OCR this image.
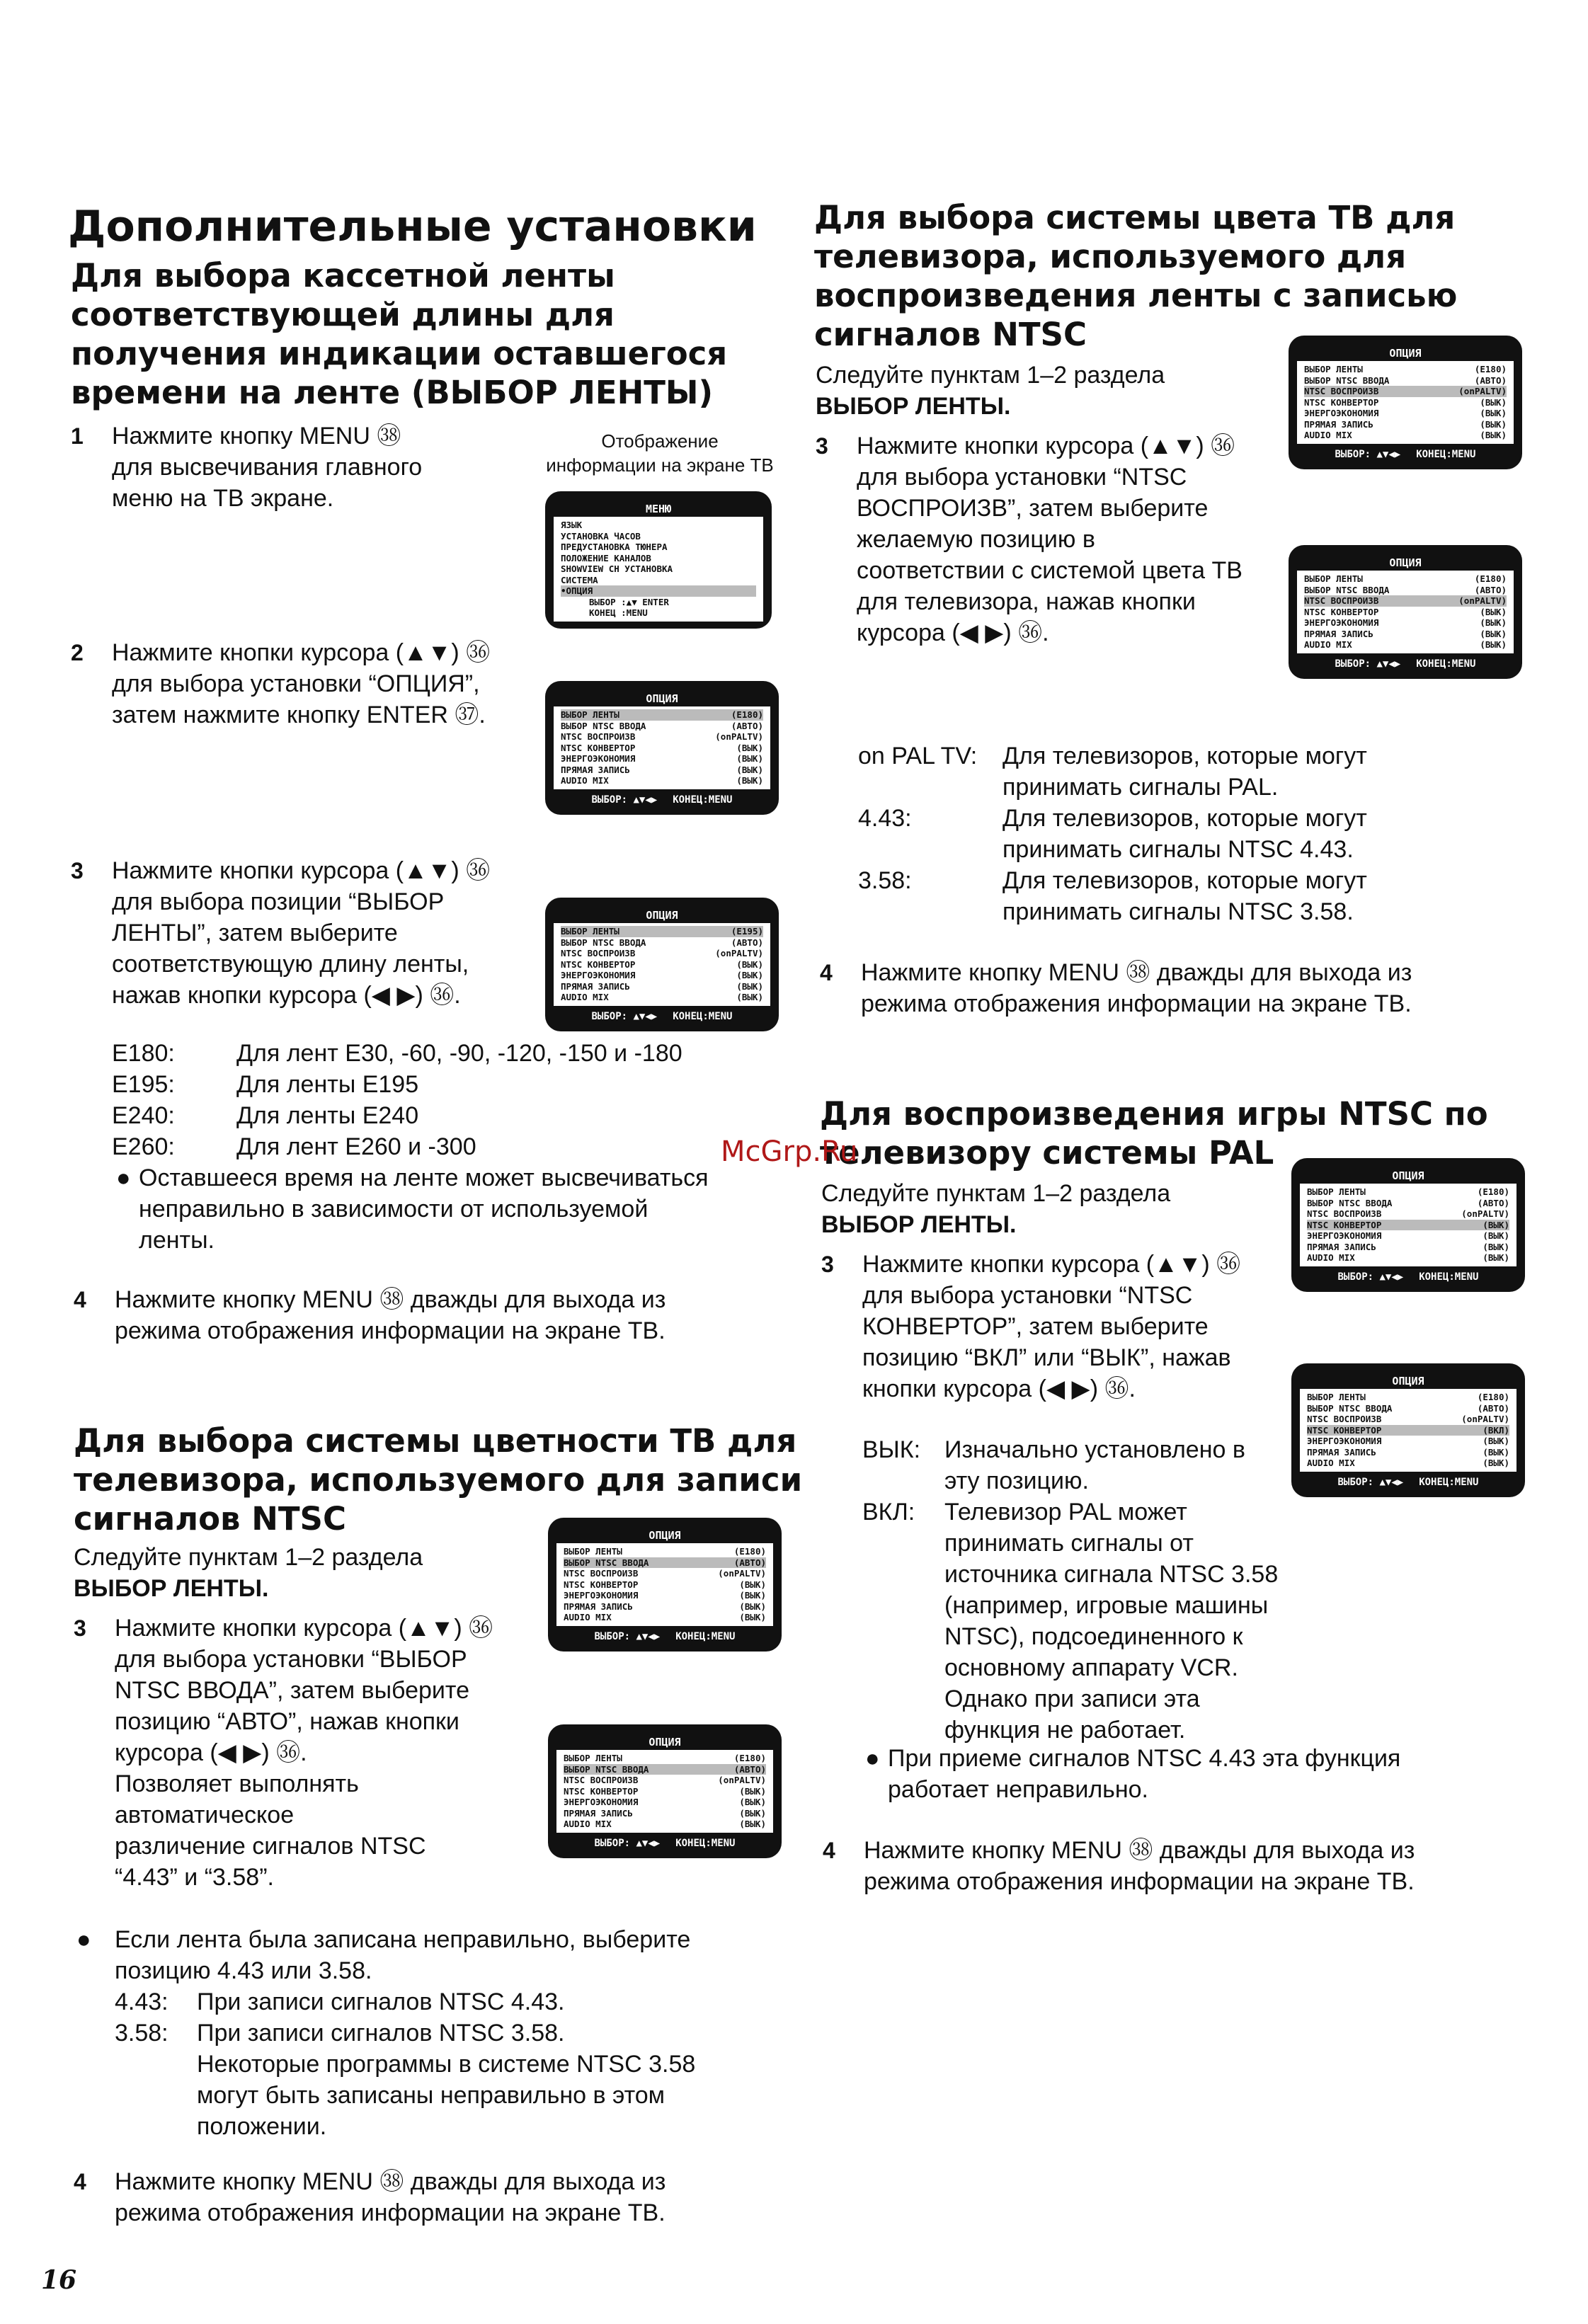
Дополнительные установки
Для выбора кассетной ленты
соответствующей длины для
получения индикации оставшегося
времени на ленте (ВЫБОР ЛЕНТЫ)
Отображение
информации на экране ТВ
1 Нажмите кнопку MENU ㊳
для высвечивания главного
меню на ТВ экране.
2 Нажмите кнопки курсора (▲▼) ㊱
для выбора установки “ОПЦИЯ”,
затем нажмите кнопку ENTER ㊲.
3 Нажмите кнопки курсора (▲▼) ㊱
для выбора позиции “ВЫБОР
ЛЕНТЫ”, затем выберите
соответствующую длину ленты,
нажав кнопки курсора (◀ ▶) ㊱.
E180:	Для лент E30, -60, -90, -120, -150 и -180
E195:	Для ленты E195
E240:	Для ленты E240
E260:	Для лент E260 и -300
● Оставшееся время на ленте может высвечиваться
неправильно в зависимости от используемой
ленты.
4 Нажмите кнопку MENU ㊳ дважды для выхода из
режима отображения информации на экране ТВ.
Для выбора системы цветности ТВ для
телевизора, используемого для записи
сигналов NTSC
Следуйте пунктам 1–2 раздела
ВЫБОР ЛЕНТЫ.
3 Нажмите кнопки курсора (▲▼) ㊱
для выбора установки “ВЫБОР
NTSC ВВОДА”, затем выберите
позицию “АВТО”, нажав кнопки
курсора (◀ ▶) ㊱.
Позволяет выполнять
автоматическое
различение сигналов NTSC
“4.43” и “3.58”.
● Если лента была записана неправильно, выберите
позицию 4.43 или 3.58.
4.43: При записи сигналов NTSC 4.43.
3.58: При записи сигналов NTSC 3.58.
Некоторые программы в системе NTSC 3.58
могут быть записаны неправильно в этом
положении.
4 Нажмите кнопку MENU ㊳ дважды для выхода из
режима отображения информации на экране ТВ.
16
Для выбора системы цвета ТВ для
телевизора, используемого для
воспроизведения ленты с записью
сигналов NTSC
Следуйте пунктам 1–2 раздела
ВЫБОР ЛЕНТЫ.
3 Нажмите кнопки курсора (▲▼) ㊱
для выбора установки “NTSC
ВОСПРОИЗВ”, затем выберите
желаемую позицию в
соответствии с системой цвета ТВ
для телевизора, нажав кнопки
курсора (◀ ▶) ㊱.
on PAL TV: Для телевизоров, которые могут
принимать сигналы PAL.
4.43:	Для телевизоров, которые могут
принимать сигналы NTSC 4.43.
3.58:	Для телевизоров, которые могут
принимать сигналы NTSC 3.58.
4 Нажмите кнопку MENU ㊳ дважды для выхода из
режима отображения информации на экране ТВ.
Для воспроизведения игры NTSC по
телевизору системы PAL
McGrp.Ru
Следуйте пунктам 1–2 раздела
ВЫБОР ЛЕНТЫ.
3 Нажмите кнопки курсора (▲▼) ㊱
для выбора установки “NTSC
КОНВЕРТОР”, затем выберите
позицию “ВКЛ” или “ВЫК”, нажав
кнопки курсора (◀ ▶) ㊱.
ВЫК: Изначально установлено в
эту позицию.
ВКЛ: Телевизор PAL может
принимать сигналы от
источника сигнала NTSC 3.58
(например, игровые машины
NTSC), подсоединенного к
основному аппарату VCR.
Однако при записи эта
функция не работает.
● При приеме сигналов NTSC 4.43 эта функция
работает неправильно.
4 Нажмите кнопку MENU ㊳ дважды для выхода из
режима отображения информации на экране ТВ.
МЕНЮ
ЯЗЫК
УСТАНОВКА ЧАСОВ
ПРЕДУСТАНОВКА ТЮНЕРА
ПОЛОЖЕНИЕ КАНАЛОВ
SHOWVIEW CH УСТАНОВКА
СИСТЕМА
•ОПЦИЯ
ВЫБОР :▲▼ ENTER
КОНЕЦ :MENU
ОПЦИЯ
ВЫБОР ЛЕНТЫ	(E180)
ВЫБОР NTSC ВВОДА	(АВТО)
NTSC ВОСПРОИЗВ	(onPALTV)
NTSC КОНВЕРТОР	(ВЫК)
ЭНЕРГОЭКОНОМИЯ	(ВЫК)
ПРЯМАЯ ЗАПИСЬ	(ВЫК)
AUDIO MIX	(ВЫК)
ВЫБОР: ▲▼◀▶ КОНЕЦ:MENU
ОПЦИЯ
ВЫБОР ЛЕНТЫ	(E195)
ВЫБОР NTSC ВВОДА	(АВТО)
NTSC ВОСПРОИЗВ	(onPALTV)
NTSC КОНВЕРТОР	(ВЫК)
ЭНЕРГОЭКОНОМИЯ	(ВЫК)
ПРЯМАЯ ЗАПИСЬ	(ВЫК)
AUDIO MIX	(ВЫК)
ВЫБОР: ▲▼◀▶ КОНЕЦ:MENU
ОПЦИЯ
ВЫБОР ЛЕНТЫ	(E180)
ВЫБОР NTSC ВВОДА	(АВТО)
NTSC ВОСПРОИЗВ	(onPALTV)
NTSC КОНВЕРТОР	(ВЫК)
ЭНЕРГОЭКОНОМИЯ	(ВЫК)
ПРЯМАЯ ЗАПИСЬ	(ВЫК)
AUDIO MIX	(ВЫК)
ВЫБОР: ▲▼◀▶ КОНЕЦ:MENU
ОПЦИЯ
ВЫБОР ЛЕНТЫ	(E180)
ВЫБОР NTSC ВВОДА	(АВТО)
NTSC ВОСПРОИЗВ	(onPALTV)
NTSC КОНВЕРТОР	(ВЫК)
ЭНЕРГОЭКОНОМИЯ	(ВЫК)
ПРЯМАЯ ЗАПИСЬ	(ВЫК)
AUDIO MIX	(ВЫК)
ВЫБОР: ▲▼◀▶ КОНЕЦ:MENU
ОПЦИЯ
ВЫБОР ЛЕНТЫ	(E180)
ВЫБОР NTSC ВВОДА	(АВТО)
NTSC ВОСПРОИЗВ	(onPALTV)
NTSC КОНВЕРТОР	(ВЫК)
ЭНЕРГОЭКОНОМИЯ	(ВЫК)
ПРЯМАЯ ЗАПИСЬ	(ВЫК)
AUDIO MIX	(ВЫК)
ВЫБОР: ▲▼◀▶ КОНЕЦ:MENU
ОПЦИЯ
ВЫБОР ЛЕНТЫ	(E180)
ВЫБОР NTSC ВВОДА	(АВТО)
NTSC ВОСПРОИЗВ	(onPALTV)
NTSC КОНВЕРТОР	(ВЫК)
ЭНЕРГОЭКОНОМИЯ	(ВЫК)
ПРЯМАЯ ЗАПИСЬ	(ВЫК)
AUDIO MIX	(ВЫК)
ВЫБОР: ▲▼◀▶ КОНЕЦ:MENU
ОПЦИЯ
ВЫБОР ЛЕНТЫ	(E180)
ВЫБОР NTSC ВВОДА	(АВТО)
NTSC ВОСПРОИЗВ	(onPALTV)
NTSC КОНВЕРТОР	(ВЫК)
ЭНЕРГОЭКОНОМИЯ	(ВЫК)
ПРЯМАЯ ЗАПИСЬ	(ВЫК)
AUDIO MIX	(ВЫК)
ВЫБОР: ▲▼◀▶ КОНЕЦ:MENU
ОПЦИЯ
ВЫБОР ЛЕНТЫ	(E180)
ВЫБОР NTSC ВВОДА	(АВТО)
NTSC ВОСПРОИЗВ	(onPALTV)
NTSC КОНВЕРТОР	(ВКЛ)
ЭНЕРГОЭКОНОМИЯ	(ВЫК)
ПРЯМАЯ ЗАПИСЬ	(ВЫК)
AUDIO MIX	(ВЫК)
ВЫБОР: ▲▼◀▶ КОНЕЦ:MENU
